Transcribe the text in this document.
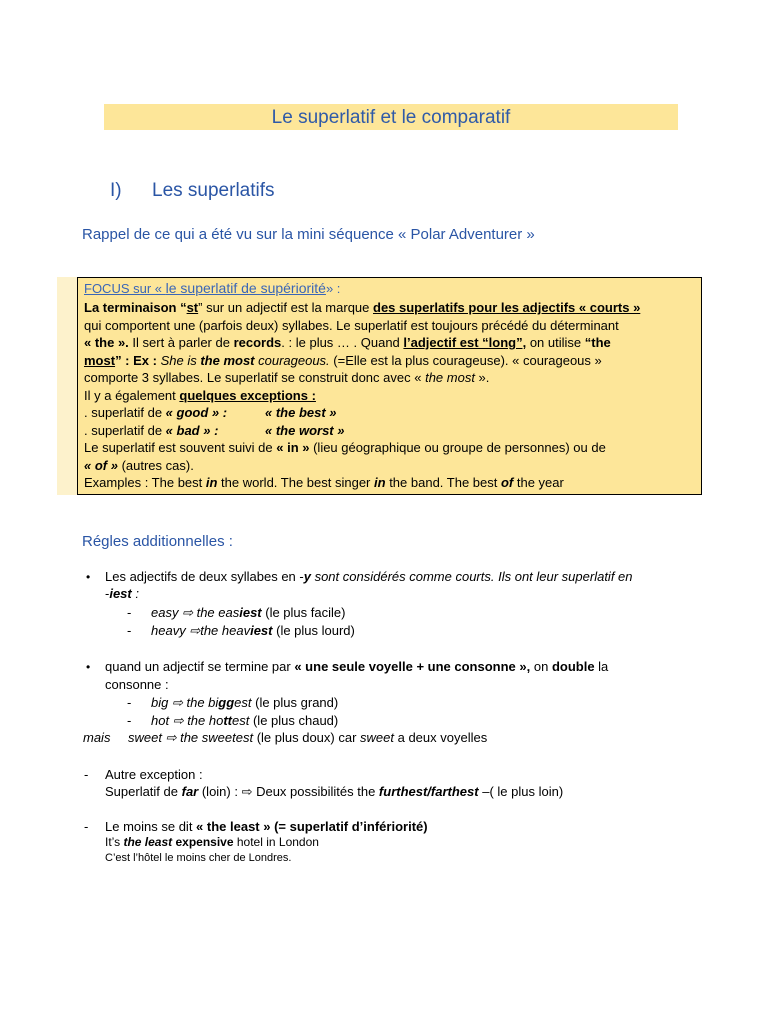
Le superlatif et le comparatif
I) Les superlatifs
Rappel de ce qui a été vu sur la mini séquence « Polar Adventurer »
FOCUS sur « le superlatif de supériorité» :
La terminaison “st” sur un adjectif est la marque des superlatifs pour les adjectifs « courts »
qui comportent une (parfois deux) syllabes. Le superlatif est toujours précédé du déterminant
« the ». Il sert à parler de records. : le plus … . Quand l’adjectif est “long”, on utilise “the
most” : Ex : She is the most courageous. (=Elle est la plus courageuse). « courageous »
comporte 3 syllabes. Le superlatif se construit donc avec « the most ».
Il y a également quelques exceptions :
. superlatif de « good » :	« the best »
. superlatif de « bad » :	« the worst »
Le superlatif est souvent suivi de « in » (lieu géographique ou groupe de personnes) ou de
« of » (autres cas).
Examples : The best in the world. The best singer in the band. The best of the year
Régles additionnelles :
• Les adjectifs de deux syllabes en -y sont considérés comme courts. Ils ont leur superlatif en
-iest :
- easy ⇨ the easiest (le plus facile)
- heavy ⇨the heaviest (le plus lourd)
• quand un adjectif se termine par « une seule voyelle + une consonne », on double la
consonne :
- big ⇨ the biggest (le plus grand)
- hot ⇨ the hottest (le plus chaud)
mais sweet ⇨ the sweetest (le plus doux) car sweet a deux voyelles
- Autre exception :
Superlatif de far (loin) : ⇨ Deux possibilités the furthest/farthest –( le plus loin)
- Le moins se dit « the least » (= superlatif d’infériorité)
It’s the least expensive hotel in London
C’est l’hôtel le moins cher de Londres.
